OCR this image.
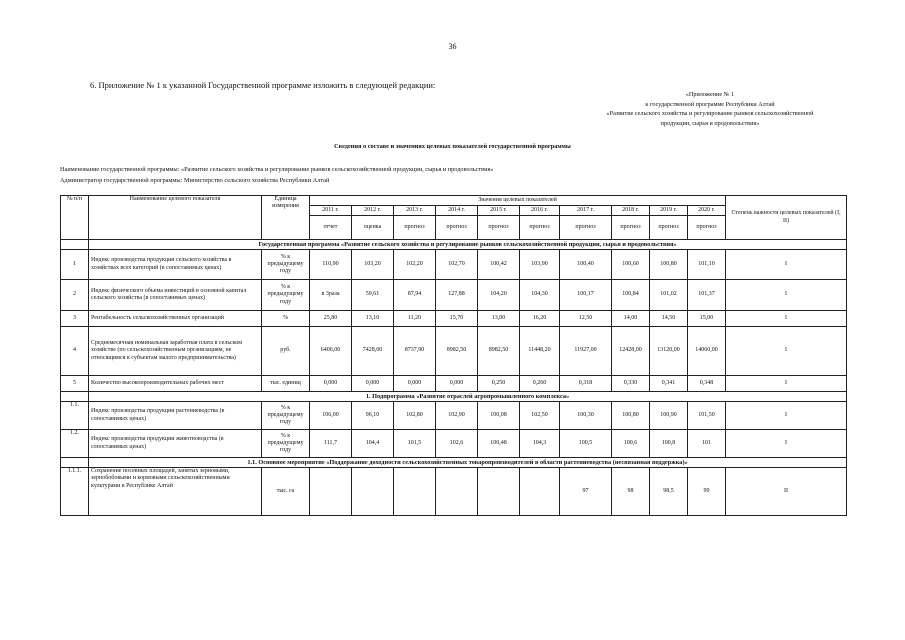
36
6. Приложение № 1 к указанной Государственной программе изложить в следующей редакции:
«Приложение № 1
к государственной программе Республики Алтай
«Развитие сельского хозяйства и регулирование рынков сельскохозяйственной
продукции, сырья и продовольствия»
Сведения о составе и значениях целевых показателей государственной программы
Наименование государственной программы: «Развитие сельского хозяйства и регулирование рынков сельскохозяйственной продукции, сырья и продовольствия»
Администратор государственной программы: Министерство сельского хозяйства Республики Алтай
№ п/п	Наименование целевого показателя	Единица измерения	Значения целевых показателей										Степень важности целевых показателей (I, II)
			2011 г.	2012 г.	2013 г.	2014 г.	2015 г.	2016 г.	2017 г.	2018 г.	2019 г.	2020 г.	
			отчет	оценка	прогноз	прогноз	прогноз	прогноз	прогноз	прогноз	прогноз	прогноз	
	Государственная программа «Развитие сельского хозяйства и регулирование рынков сельскохозяйственной продукции, сырья и продовольствия»												
1	Индекс производства продукции сельского хозяйства в хозяйствах всех категорий (в сопоставимых ценах)	% к предыдущему году	110,90	103,20	102,20	102,70	100,42	103,90	100,40	100,60	100,80	101,10	I
2	Индекс физического объема инвестиций в основной капитал сельского хозяйства (в сопоставимых ценах)	% к предыдущему году	в 3раза	59,61	87,94	127,88	104,20	104,30	100,17	100,84	101,02	101,37	I
3	Рентабельность сельскохозяйственных организаций	%	25,80	13,10	11,20	15,70	13,00	16,20	12,50	14,00	14,50	15,00	I
4	Среднемесячная номинальная заработная плата в сельском хозяйстве (по сельскохозяйственным организациям, не относящимся к субъектам малого предпринимательства)	руб.	6406,00	7428,00	8737,90	8982,50	8982,50	11448,20	11927,00	12428,00	13120,00	14060,00	I
5	Количество высокопроизводительных рабочих мест	тыс. единиц	0,000	0,000	0,000	0,000	0,250	0,260	0,318	0,330	0,341	0,348	I
	1. Подпрограмма «Развитие отраслей агропромышленного комплекса»												
1.1.	Индекс производства продукции растениеводства (в сопоставимых ценах)	% к предыдущему году	106,00	96,10	102,80	102,90	100,08	102,50	100,30	100,80	100,90	101,50	I
1.2.	Индекс производства продукции животноводства (в сопоставимых ценах)	% к предыдущему году	111,7	104,4	101,5	102,6	100,48	104,3	100,5	100,6	100,8	101	I
	1.1. Основное мероприятие «Поддержание доходности сельскохозяйственных товаропроизводителей в области растениеводства (несвязанная поддержка)»												
1.1.1.	Сохранение посевных площадей, занятых зерновыми, зернобобовыми и кормовыми сельскохозяйственными культурами в Республике Алтай	тыс. га							97	98	98,5	99	II
